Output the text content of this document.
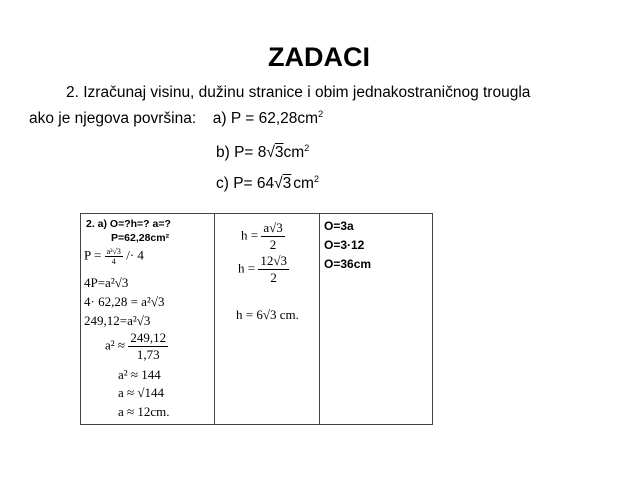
ZADACI
2. Izračunaj visinu, dužinu stranice i obim jednakostraničnog trougla
ako je njegova površina: a) $P = 62,28cm^2$
b) $P= 8√3cm^2$
c) P= 64√3 $cm^2$
2. a) O=?h=? a=?
P=62,28cm²
$P = \frac{\text{a²√3}}{4} /\cdot 4$
4P=a²√3
4· 62,28 = a²√3
249,12=a²√3
$a^2 \approx \frac{249,12}{1,73}$
a² ≈ 144
a ≈ √144
a ≈ 12cm.
$h = \frac{a√3}{2}$
$h = \frac{12√3}{2}$
h = 6√3 cm.
O=3a
O=3·12
O=36cm
